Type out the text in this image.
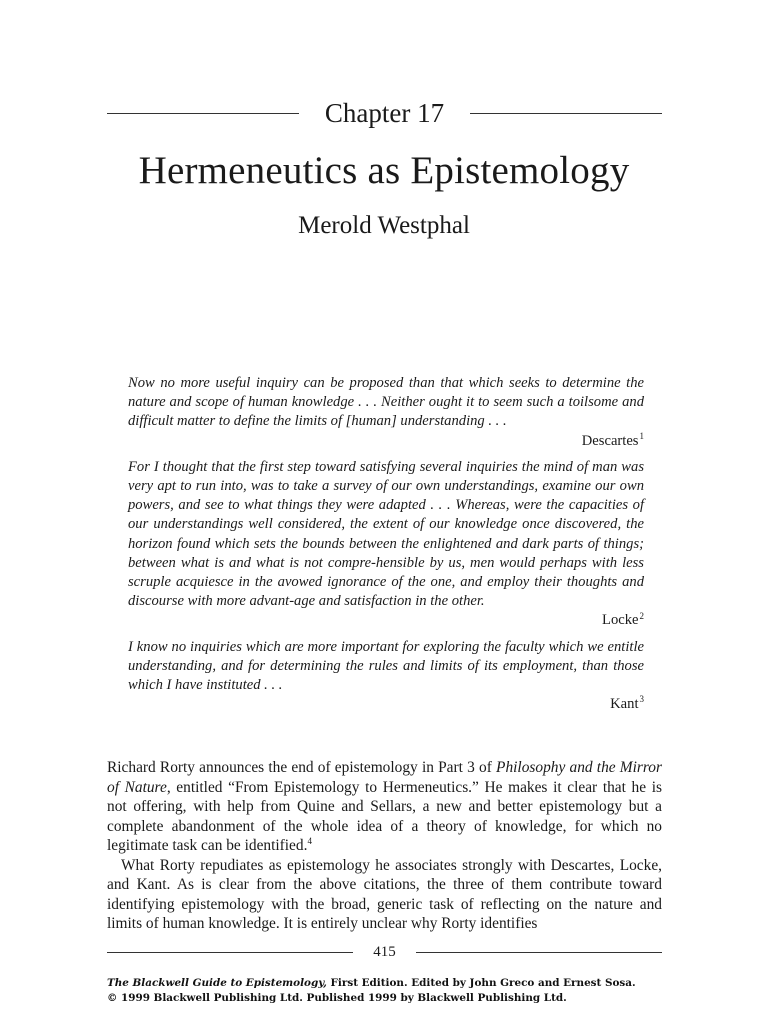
Chapter 17
Hermeneutics as Epistemology
Merold Westphal

Now no more useful inquiry can be proposed than that which seeks to determine the nature and scope of human knowledge . . . Neither ought it to seem such a toilsome and difficult matter to define the limits of [human] understanding . . .

Descartes$^1$

For I thought that the first step toward satisfying several inquiries the mind of man was very apt to run into, was to take a survey of our own understandings, examine our own powers, and see to what things they were adapted . . . Whereas, were the capacities of our understandings well considered, the extent of our knowledge once discovered, the horizon found which sets the bounds between the enlightened and dark parts of things; between what is and what is not compre-hensible by us, men would perhaps with less scruple acquiesce in the avowed ignorance of the one, and employ their thoughts and discourse with more advant-age and satisfaction in the other.

Locke$^2$

I know no inquiries which are more important for exploring the faculty which we entitle understanding, and for determining the rules and limits of its employment, than those which I have instituted . . .

Kant$^3$

Richard Rorty announces the end of epistemology in Part 3 of Philosophy and the Mirror of Nature, entitled “From Epistemology to Hermeneutics.” He makes it clear that he is not offering, with help from Quine and Sellars, a new and better epistemology but a complete abandonment of the whole idea of a theory of knowledge, for which no legitimate task can be identified.$^4$

What Rorty repudiates as epistemology he associates strongly with Descartes, Locke, and Kant. As is clear from the above citations, the three of them contribute toward identifying epistemology with the broad, generic task of reflecting on the nature and limits of human knowledge. It is entirely unclear why Rorty identifies

415
The Blackwell Guide to Epistemology, First Edition. Edited by John Greco and Ernest Sosa.
© 1999 Blackwell Publishing Ltd. Published 1999 by Blackwell Publishing Ltd.
